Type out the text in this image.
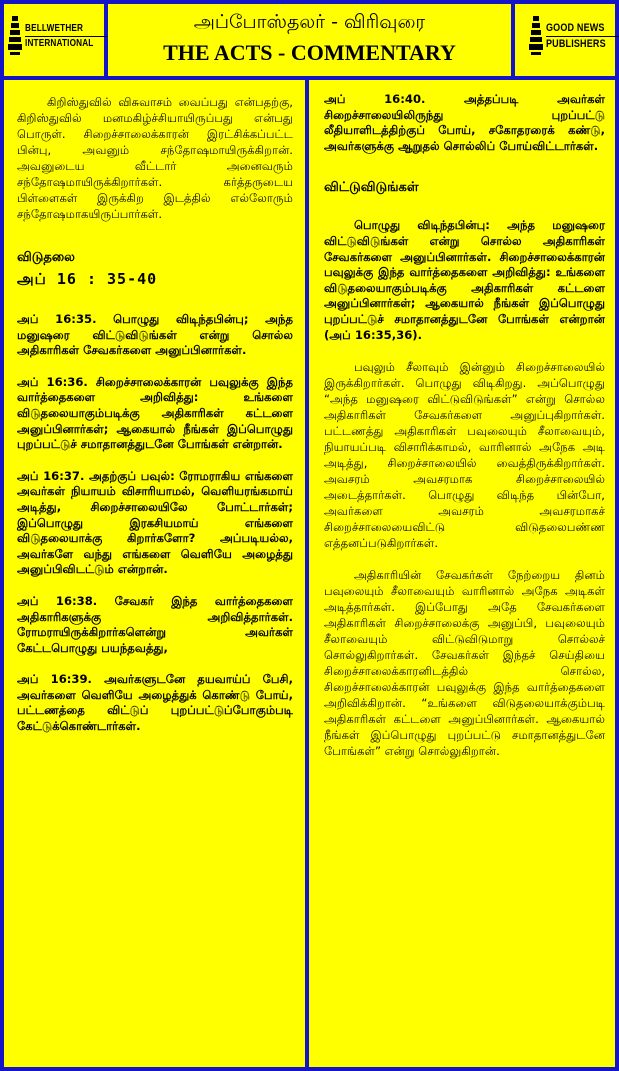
BELLWETHER
INTERNATIONAL
அப்போஸ்தலர் - விரிவுரை
THE ACTS - COMMENTARY
GOOD NEWS
PUBLISHERS

கிறிஸ்துவில் விசுவாசம் வைப்பது என்பதற்கு, கிறிஸ்துவில் மனமகிழ்ச்சியாயிருப்பது என்பது பொருள். சிறைச்சாலைக்காரன் இரட்சிக்கப்பட்ட பின்பு, அவனும் சந்தோஷமாயிருக்கிறான். அவனுடைய வீட்டார் அனைவரும் சந்தோஷமாயிருக்கிறார்கள். கர்த்தருடைய பிள்ளைகள் இருக்கிற இடத்தில் எல்லோரும் சந்தோஷமாகயிருப்பார்கள்.

விடுதலை
அப் 16 : 35-40

அப் 16:35. பொழுது விடிந்தபின்பு; அந்த மனுஷரை விட்டுவிடுங்கள் என்று சொல்ல அதிகாரிகள் சேவகர்களை அனுப்பினார்கள்.

அப் 16:36. சிறைச்சாலைக்காரன் பவுலுக்கு இந்த வார்த்தைகளை அறிவித்து: உங்களை விடுதலையாகும்படிக்கு அதிகாரிகள் கட்டளை அனுப்பினார்கள்; ஆகையால் நீங்கள் இப்பொழுது புறப்பட்டுச் சமாதானத்துடனே போங்கள் என்றான்.

அப் 16:37. அதற்குப் பவுல்: ரோமராகிய எங்களை அவர்கள் நியாயம் விசாரியாமல், வெளியரங்கமாய் அடித்து, சிறைச்சாலையிலே போட்டார்கள்; இப்பொழுது இரகசியமாய் எங்களை விடுதலையாக்கு கிறார்களோ? அப்படியல்ல, அவர்களே வந்து எங்களை வெளியே அழைத்து அனுப்பிவிடட்டும் என்றான்.

அப் 16:38. சேவகர் இந்த வார்த்தைகளை அதிகாரிகளுக்கு அறிவித்தார்கள். ரோமராயிருக்கிறார்களென்று அவர்கள் கேட்டபொழுது பயந்தவத்து,

அப் 16:39. அவர்களுடனே தயவாய்ப் பேசி, அவர்களை வெளியே அழைத்துக் கொண்டு போய், பட்டணத்தை விட்டுப் புறப்பட்டுப்போகும்படி கேட்டுக்கொண்டார்கள்.

அப் 16:40. அத்தப்படி அவர்கள் சிறைச்சாலையிலிருந்து புறப்பட்டு லீதியாளிடத்திற்குப் போய், சகோதரரைக் கண்டு, அவர்களுக்கு ஆறுதல் சொல்லிப் போய்விட்டார்கள்.

விட்டுவிடுங்கள்

பொழுது விடிந்தபின்பு: அந்த மனுஷரை விட்டுவிடுங்கள் என்று சொல்ல அதிகாரிகள் சேவகர்களை அனுப்பினார்கள். சிறைச்சாலைக்காரன் பவுலுக்கு இந்த வார்த்தைகளை அறிவித்து: உங்களை விடுதலையாகும்படிக்கு அதிகாரிகள் கட்டளை அனுப்பினார்கள்; ஆகையால் நீங்கள் இப்பொழுது புறப்பட்டுச் சமாதானத்துடனே போங்கள் என்றான் (அப் 16:35,36).

பவுலும் சீலாவும் இன்னும் சிறைச்சாலையில் இருக்கிறார்கள். பொழுது விடிகிறது. அப்பொழுது “அந்த மனுஷரை விட்டுவிடுங்கள்” என்று சொல்ல அதிகாரிகள் சேவகர்களை அனுப்புகிறார்கள். பட்டணத்து அதிகாரிகள் பவுலையும் சீலாவையும், நியாயப்படி விசாரிக்காமல், வாரினால் அநேக அடி அடித்து, சிறைச்சாலையில் வைத்திருக்கிறார்கள். அவசரம் அவசரமாக சிறைச்சாலையில் அடைத்தார்கள். பொழுது விடிந்த பின்போ, அவர்களை அவசரம் அவசரமாகச் சிறைச்சாலையைவிட்டு விடுதலைபண்ண எத்தனப்படுகிறார்கள்.

அதிகாரியின் சேவகர்கள் நேற்றைய தினம் பவுலையும் சீலாவையும் வாரினால் அநேக அடிகள் அடித்தார்கள். இப்போது அதே சேவகர்களை அதிகாரிகள் சிறைச்சாலைக்கு அனுப்பி, பவுலையும் சீலாவையும் விட்டுவிடுமாறு சொல்லச் சொல்லுகிறார்கள். சேவகர்கள் இந்தச் செய்தியை சிறைச்சாலைக்காரனிடத்தில் சொல்ல, சிறைச்சாலைக்காரன் பவுலுக்கு இந்த வார்த்தைகளை அறிவிக்கிறான். “உங்களை விடுதலையாக்கும்படி அதிகாரிகள் கட்டளை அனுப்பினார்கள். ஆகையால் நீங்கள் இப்பொழுது புறப்பட்டு சமாதானத்துடனே போங்கள்” என்று சொல்லுகிறான்.
